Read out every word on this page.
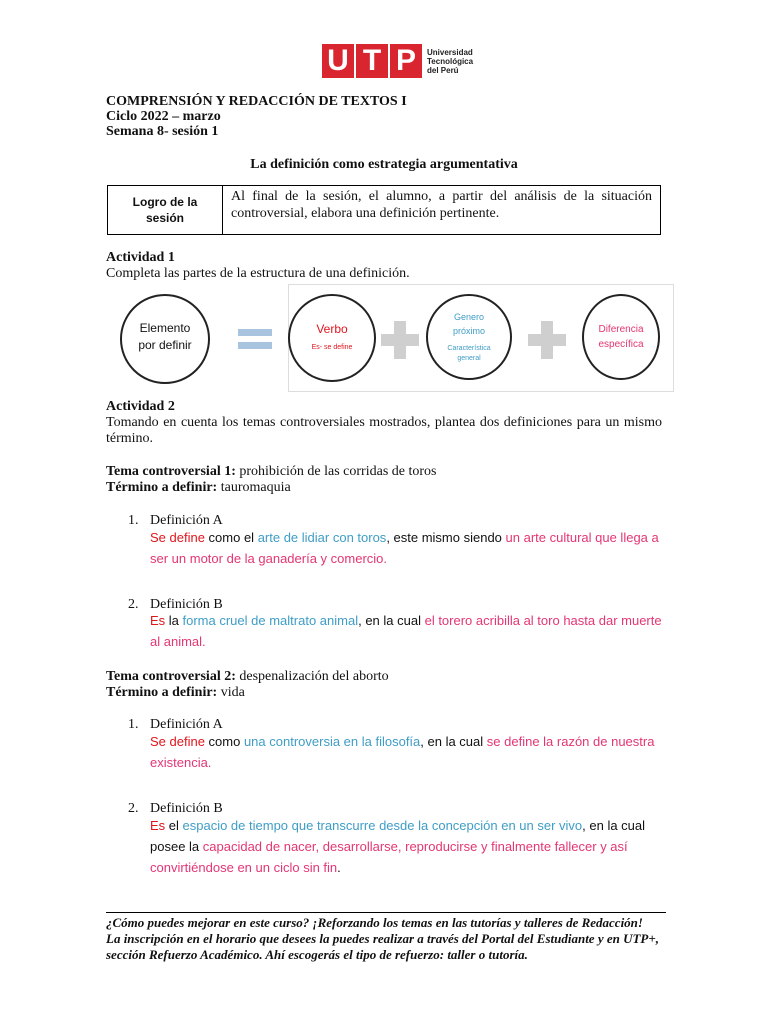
U T P	Universidad
Tecnológica
del Perú
COMPRENSIÓN Y REDACCIÓN DE TEXTOS I
Ciclo 2022 – marzo
Semana 8- sesión 1
La definición como estrategia argumentativa
Logro de la
sesión
	Al final de la sesión, el alumno, a partir del análisis de la situación controversial, elabora una definición pertinente.
Actividad 1
Completa las partes de la estructura de una definición.
Elemento
por definir
Verbo
Es- se define
Genero
próximo
Característica
general
Diferencia
específica
Actividad 2
Tomando en cuenta los temas controversiales mostrados, plantea dos definiciones para un mismo término.
Tema controversial 1: prohibición de las corridas de toros
Término a definir: tauromaquia
1. Definición A
Se define como el arte de lidiar con toros, este mismo siendo un arte cultural que llega a ser un motor de la ganadería y comercio.
2. Definición B
Es la forma cruel de maltrato animal, en la cual el torero acribilla al toro hasta dar muerte al animal.
Tema controversial 2: despenalización del aborto
Término a definir: vida
1. Definición A
Se define como una controversia en la filosofía, en la cual se define la razón de nuestra existencia.
2. Definición B
Es el espacio de tiempo que transcurre desde la concepción en un ser vivo, en la cual posee la capacidad de nacer, desarrollarse, reproducirse y finalmente fallecer y así convirtiéndose en un ciclo sin fin.
¿Cómo puedes mejorar en este curso? ¡Reforzando los temas en las tutorías y talleres de Redacción!
La inscripción en el horario que desees la puedes realizar a través del Portal del Estudiante y en UTP+,
sección Refuerzo Académico. Ahí escogerás el tipo de refuerzo: taller o tutoría.
